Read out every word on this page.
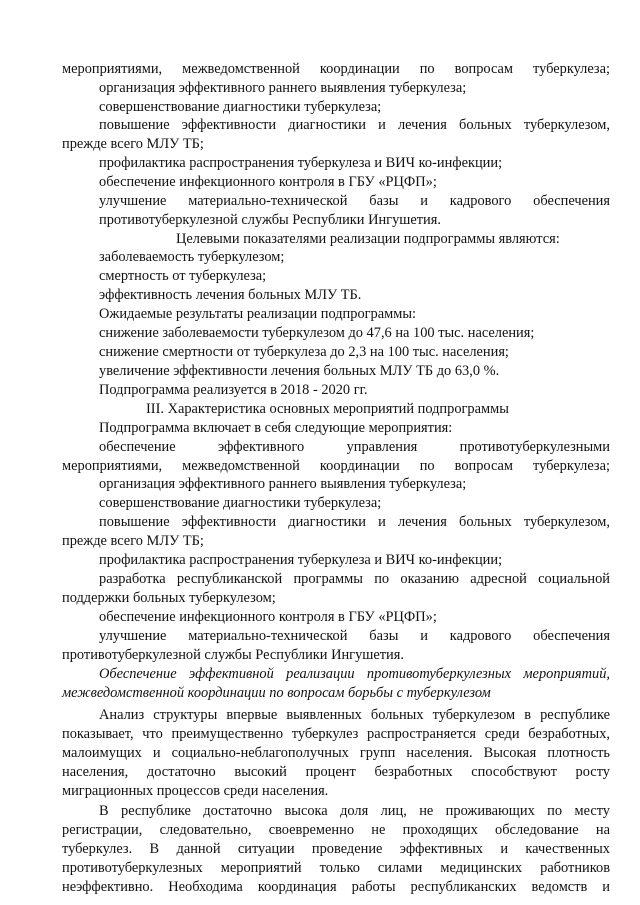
мероприятиями, межведомственной координации по вопросам туберкулеза;
организация эффективного раннего выявления туберкулеза;
совершенствование диагностики туберкулеза;
повышение эффективности диагностики и лечения больных туберкулезом,
прежде всего МЛУ ТБ;
профилактика распространения туберкулеза и ВИЧ ко-инфекции;
обеспечение инфекционного контроля в ГБУ «РЦФП»;
улучшение материально-технической базы и кадрового обеспечения
противотуберкулезной службы Республики Ингушетия.
Целевыми показателями реализации подпрограммы являются:
заболеваемость туберкулезом;
смертность от туберкулеза;
эффективность лечения больных МЛУ ТБ.
Ожидаемые результаты реализации подпрограммы:
снижение заболеваемости туберкулезом до 47,6 на 100 тыс. населения;
снижение смертности от туберкулеза до 2,3 на 100 тыс. населения;
увеличение эффективности лечения больных МЛУ ТБ до 63,0 %.
Подпрограмма реализуется в 2018 - 2020 гг.
III. Характеристика основных мероприятий подпрограммы
Подпрограмма включает в себя следующие мероприятия:
обеспечение эффективного управления противотуберкулезными
мероприятиями, межведомственной координации по вопросам туберкулеза;
организация эффективного раннего выявления туберкулеза;
совершенствование диагностики туберкулеза;
повышение эффективности диагностики и лечения больных туберкулезом,
прежде всего МЛУ ТБ;
профилактика распространения туберкулеза и ВИЧ ко-инфекции;
разработка республиканской программы по оказанию адресной социальной
поддержки больных туберкулезом;
обеспечение инфекционного контроля в ГБУ «РЦФП»;
улучшение материально-технической базы и кадрового обеспечения
противотуберкулезной службы Республики Ингушетия.
Обеспечение эффективной реализации противотуберкулезных мероприятий,
межведомственной координации по вопросам борьбы с туберкулезом
Анализ структуры впервые выявленных больных туберкулезом в республике
показывает, что преимущественно туберкулез распространяется среди безработных,
малоимущих и социально-неблагополучных групп населения. Высокая плотность
населения, достаточно высокий процент безработных способствуют росту
миграционных процессов среди населения.
В республике достаточно высока доля лиц, не проживающих по месту
регистрации, следовательно, своевременно не проходящих обследование на
туберкулез. В данной ситуации проведение эффективных и качественных
противотуберкулезных мероприятий только силами медицинских работников
неэффективно. Необходима координация работы республиканских ведомств и
